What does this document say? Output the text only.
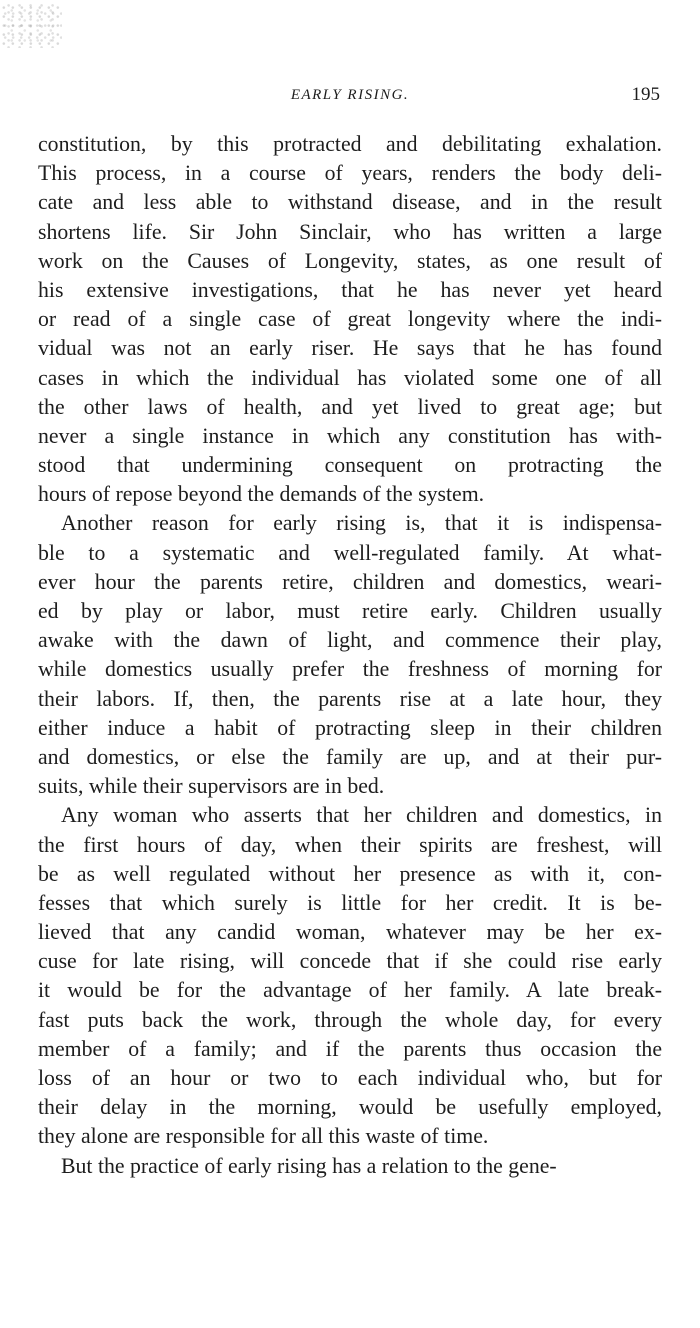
EARLY RISING.	195
constitution, by this protracted and debilitating exhalation.
This process, in a course of years, renders the body deli-
cate and less able to withstand disease, and in the result
shortens life. Sir John Sinclair, who has written a large
work on the Causes of Longevity, states, as one result of
his extensive investigations, that he has never yet heard
or read of a single case of great longevity where the indi-
vidual was not an early riser. He says that he has found
cases in which the individual has violated some one of all
the other laws of health, and yet lived to great age; but
never a single instance in which any constitution has with-
stood that undermining consequent on protracting the
hours of repose beyond the demands of the system.
Another reason for early rising is, that it is indispensa-
ble to a systematic and well-regulated family. At what-
ever hour the parents retire, children and domestics, weari-
ed by play or labor, must retire early. Children usually
awake with the dawn of light, and commence their play,
while domestics usually prefer the freshness of morning for
their labors. If, then, the parents rise at a late hour, they
either induce a habit of protracting sleep in their children
and domestics, or else the family are up, and at their pur-
suits, while their supervisors are in bed.
Any woman who asserts that her children and domestics, in
the first hours of day, when their spirits are freshest, will
be as well regulated without her presence as with it, con-
fesses that which surely is little for her credit. It is be-
lieved that any candid woman, whatever may be her ex-
cuse for late rising, will concede that if she could rise early
it would be for the advantage of her family. A late break-
fast puts back the work, through the whole day, for every
member of a family; and if the parents thus occasion the
loss of an hour or two to each individual who, but for
their delay in the morning, would be usefully employed,
they alone are responsible for all this waste of time.
But the practice of early rising has a relation to the gene-
